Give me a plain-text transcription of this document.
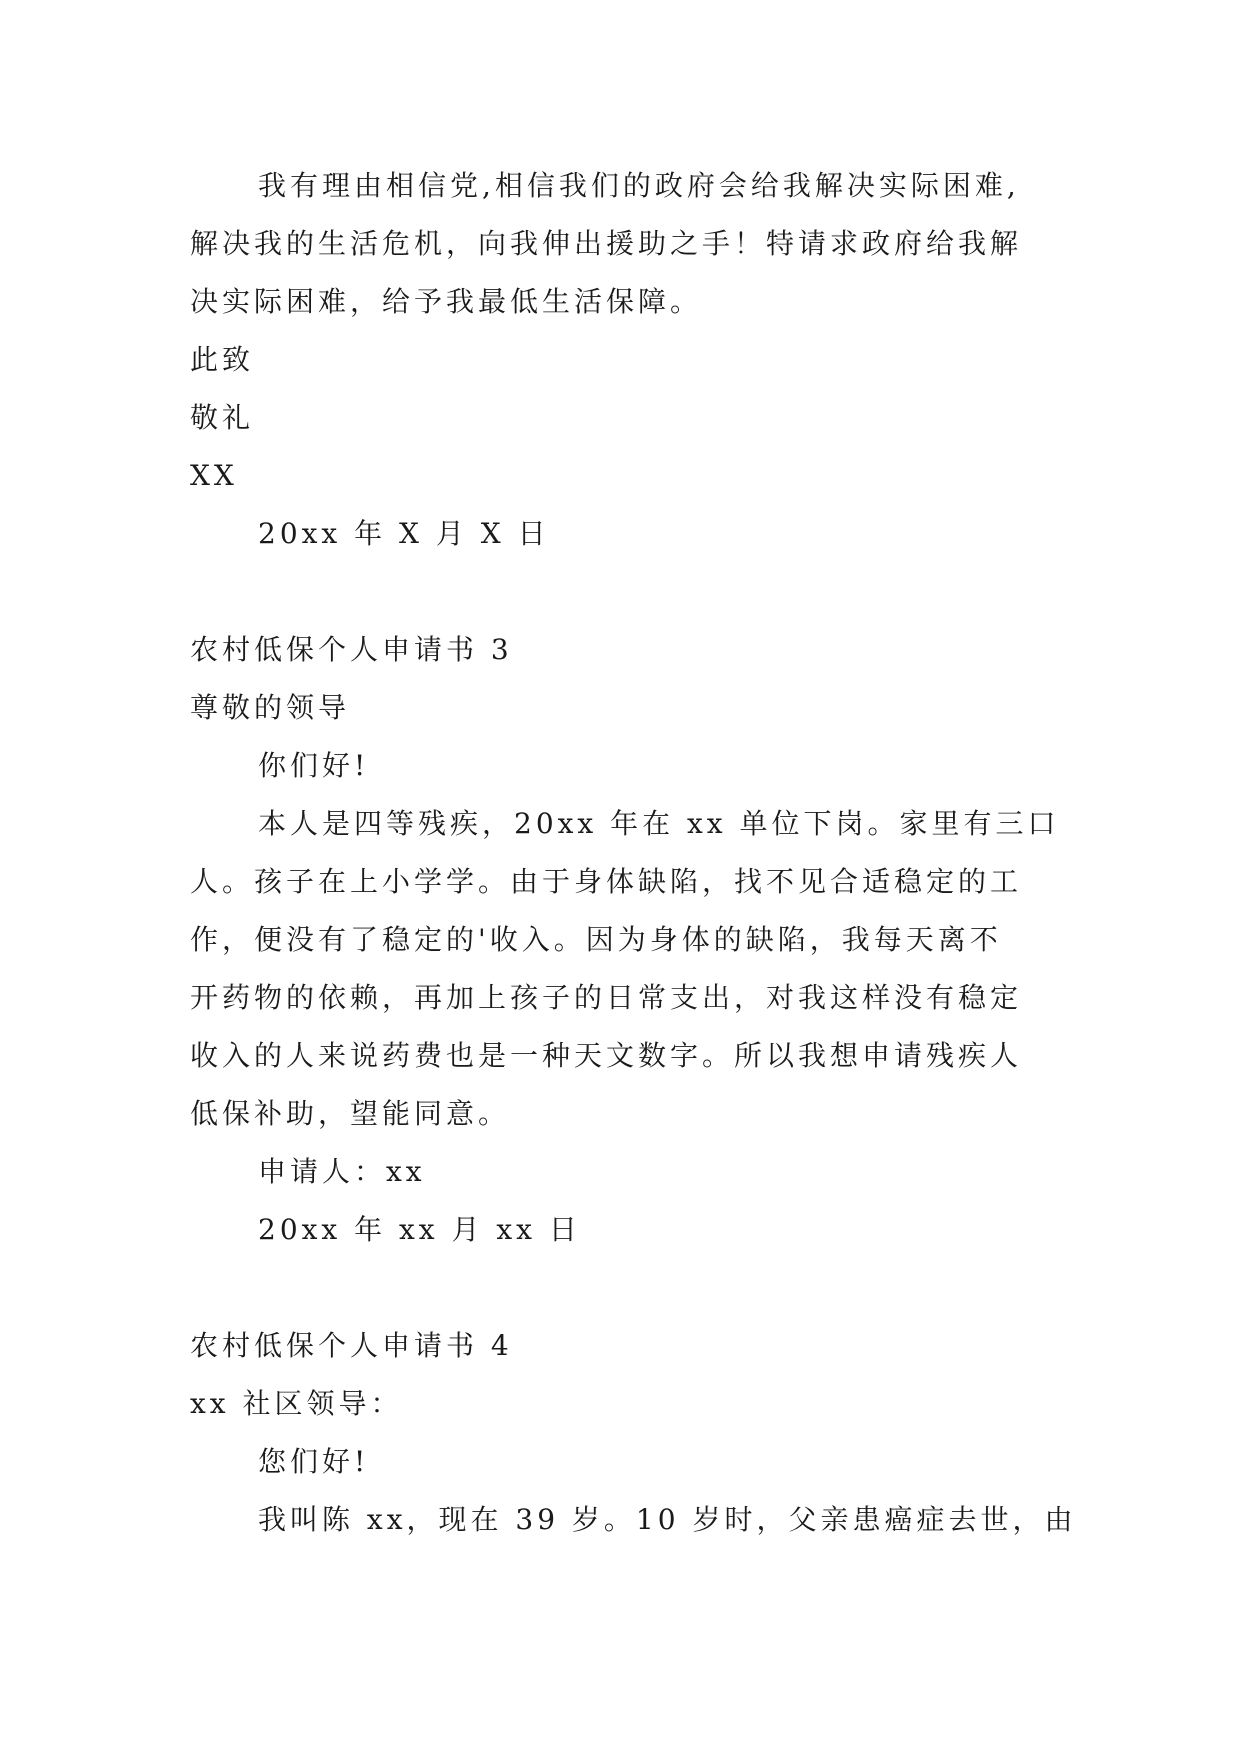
我有理由相信党,相信我们的政府会给我解决实际困难,
解决我的生活危机，向我伸出援助之手！特请求政府给我解
决实际困难，给予我最低生活保障。
此致
敬礼
XX
20xx 年 X 月 X 日
农村低保个人申请书 3
尊敬的领导
你们好!
本人是四等残疾，20xx 年在 xx 单位下岗。家里有三口
人。孩子在上小学学。由于身体缺陷，找不见合适稳定的工
作，便没有了稳定的'收入。因为身体的缺陷，我每天离不
开药物的依赖，再加上孩子的日常支出，对我这样没有稳定
收入的人来说药费也是一种天文数字。所以我想申请残疾人
低保补助，望能同意。
申请人：xx
20xx 年 xx 月 xx 日
农村低保个人申请书 4
xx 社区领导：
您们好!
我叫陈 xx，现在 39 岁。10 岁时，父亲患癌症去世，由
